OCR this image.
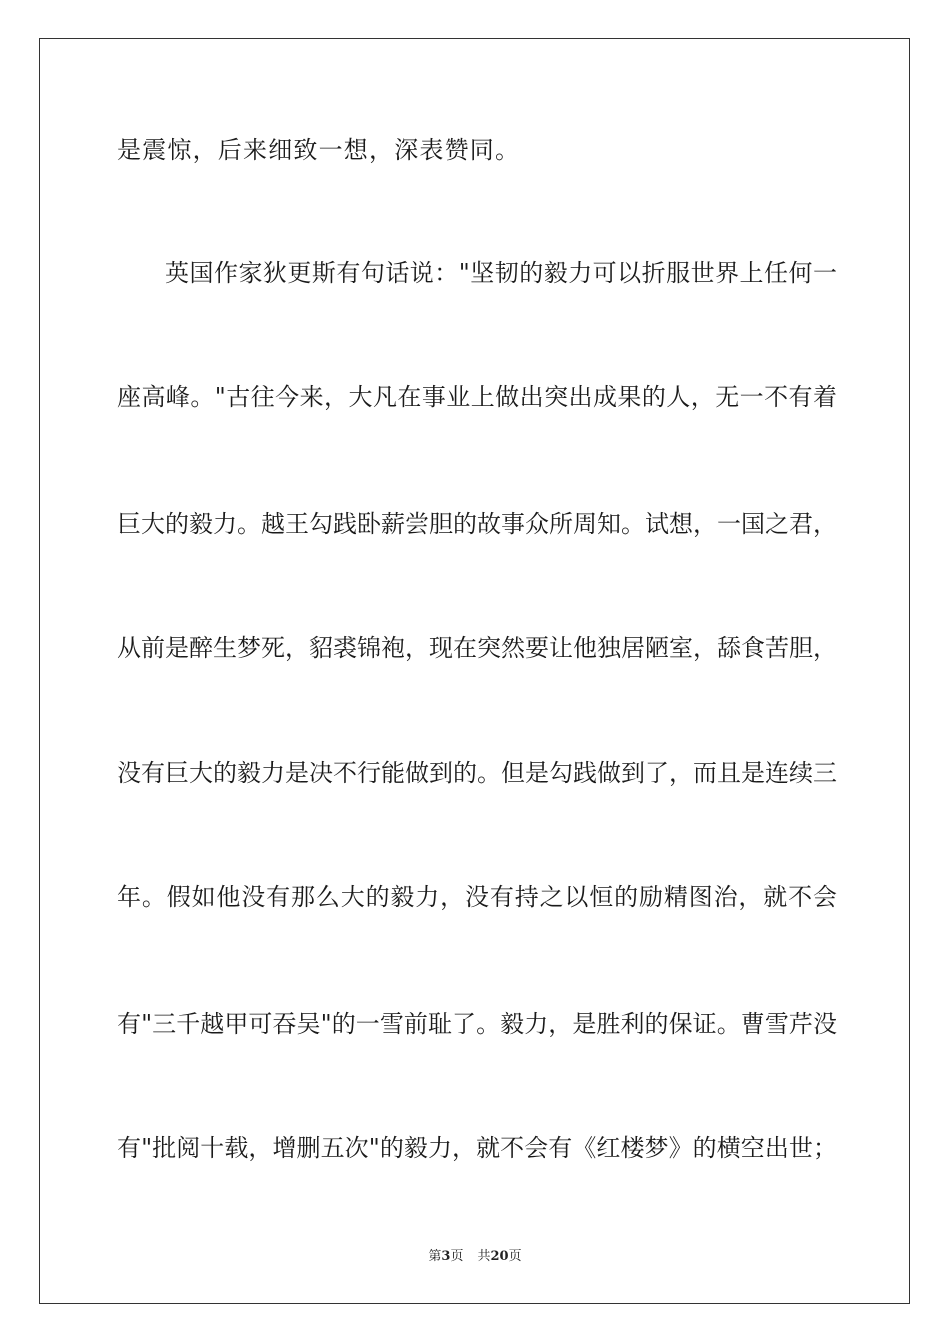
是震惊，后来细致一想，深表赞同。
英国作家狄更斯有句话说："坚韧的毅力可以折服世界上任何一
座高峰。"古往今来，大凡在事业上做出突出成果的人，无一不有着
巨大的毅力。越王勾践卧薪尝胆的故事众所周知。试想，一国之君，
从前是醉生梦死，貂裘锦袍，现在突然要让他独居陋室，舔食苦胆，
没有巨大的毅力是决不行能做到的。但是勾践做到了，而且是连续三
年。假如他没有那么大的毅力，没有持之以恒的励精图治，就不会
有"三千越甲可吞吴"的一雪前耻了。毅力，是胜利的保证。曹雪芹没
有"批阅十载，增删五次"的毅力，就不会有《红楼梦》的横空出世；
第3页 共20页
